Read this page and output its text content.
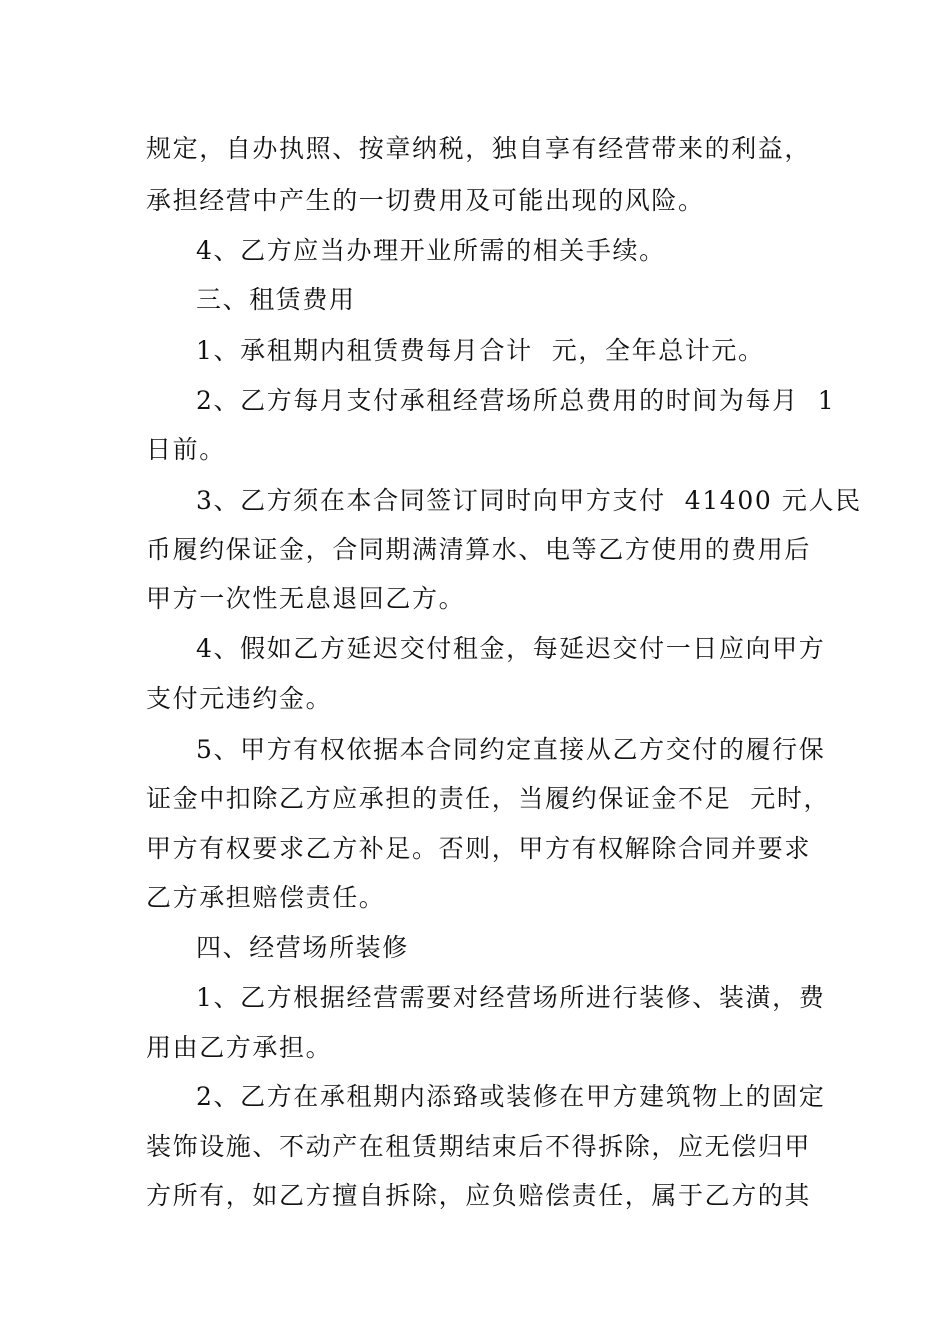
规定，自办执照、按章纳税，独自享有经营带来的利益，
承担经营中产生的一切费用及可能出现的风险。
4、乙方应当办理开业所需的相关手续。
三、租赁费用
1、承租期内租赁费每月合计  元，全年总计元。
2、乙方每月支付承租经营场所总费用的时间为每月  1
日前。
3、乙方须在本合同签订同时向甲方支付  41400 元人民
币履约保证金，合同期满清算水、电等乙方使用的费用后
甲方一次性无息退回乙方。
4、假如乙方延迟交付租金，每延迟交付一日应向甲方
支付元违约金。
5、甲方有权依据本合同约定直接从乙方交付的履行保
证金中扣除乙方应承担的责任，当履约保证金不足  元时，
甲方有权要求乙方补足。否则，甲方有权解除合同并要求
乙方承担赔偿责任。
四、经营场所装修
1、乙方根据经营需要对经营场所进行装修、装潢，费
用由乙方承担。
2、乙方在承租期内添臵或装修在甲方建筑物上的固定
装饰设施、不动产在租赁期结束后不得拆除，应无偿归甲
方所有，如乙方擅自拆除，应负赔偿责任，属于乙方的其
